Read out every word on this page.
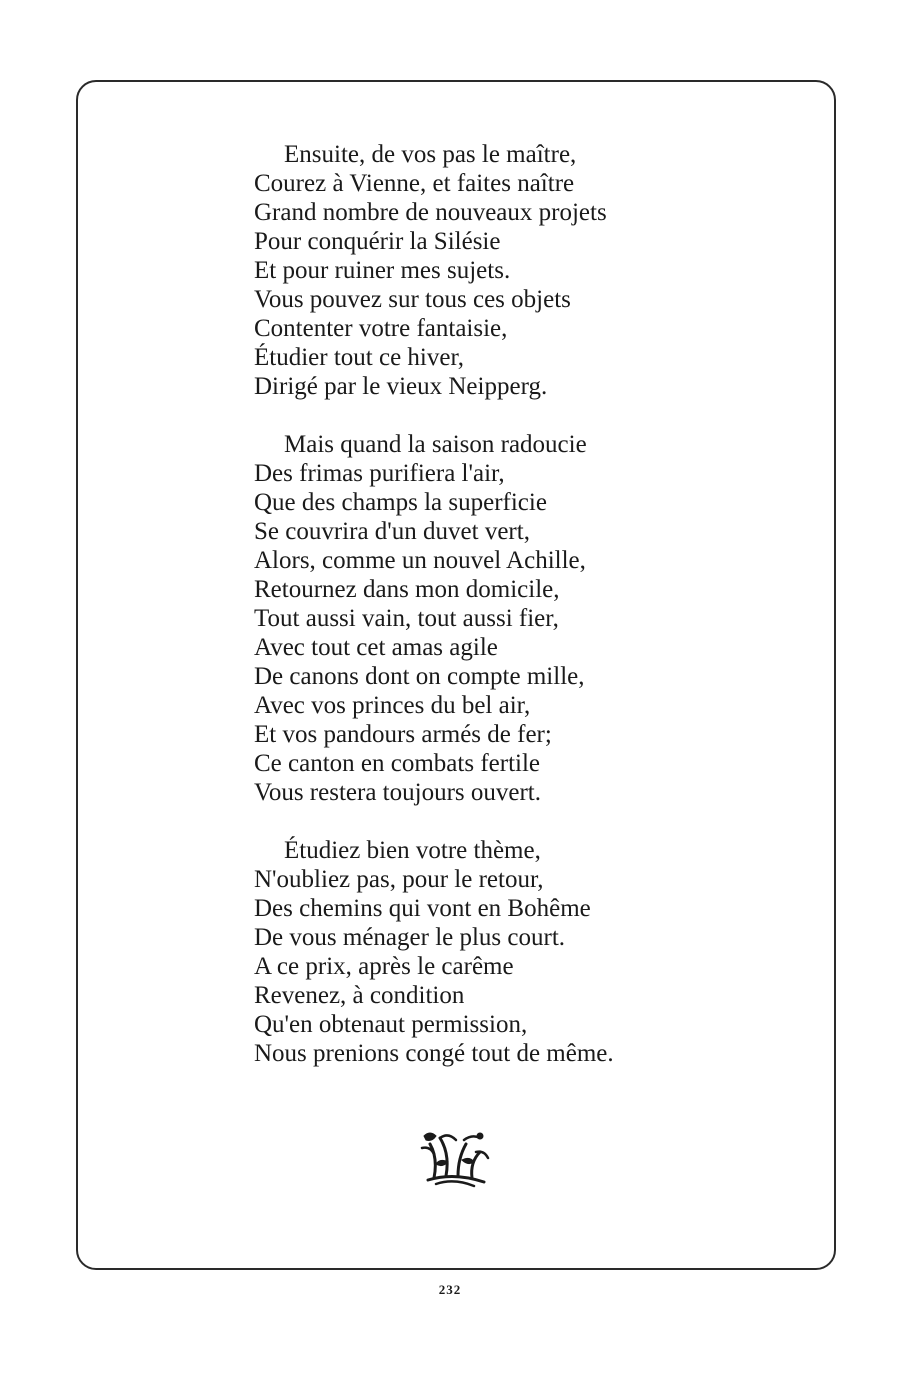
Ensuite, de vos pas le maître,
Courez à Vienne, et faites naître
Grand nombre de nouveaux projets
Pour conquérir la Silésie
Et pour ruiner mes sujets.
Vous pouvez sur tous ces objets
Contenter votre fantaisie,
Étudier tout ce hiver,
Dirigé par le vieux Neipperg.
Mais quand la saison radoucie
Des frimas purifiera l'air,
Que des champs la superficie
Se couvrira d'un duvet vert,
Alors, comme un nouvel Achille,
Retournez dans mon domicile,
Tout aussi vain, tout aussi fier,
Avec tout cet amas agile
De canons dont on compte mille,
Avec vos princes du bel air,
Et vos pandours armés de fer;
Ce canton en combats fertile
Vous restera toujours ouvert.
Étudiez bien votre thème,
N'oubliez pas, pour le retour,
Des chemins qui vont en Bohême
De vous ménager le plus court.
A ce prix, après le carême
Revenez, à condition
Qu'en obtenaut permission,
Nous prenions congé tout de même.
232
